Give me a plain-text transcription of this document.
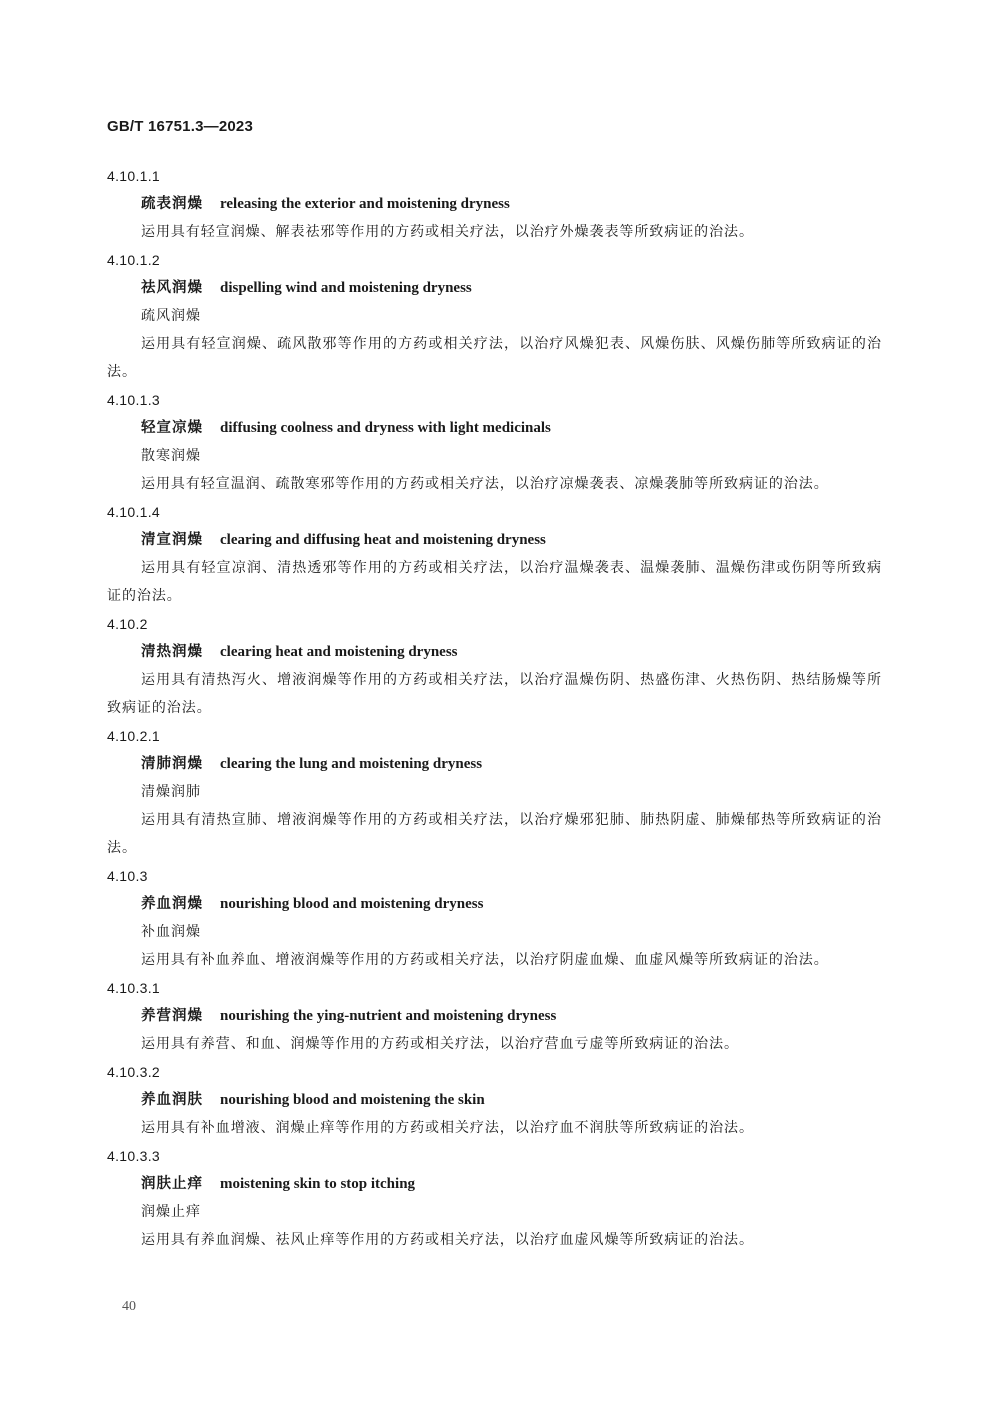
GB/T 16751.3—2023
4.10.1.1
疏表润燥 releasing the exterior and moistening dryness

运用具有轻宣润燥、解表祛邪等作用的方药或相关疗法，以治疗外燥袭表等所致病证的治法。

4.10.1.2
祛风润燥 dispelling wind and moistening dryness
疏风润燥

运用具有轻宣润燥、疏风散邪等作用的方药或相关疗法，以治疗风燥犯表、风燥伤肤、风燥伤肺等所致病证的治法。

4.10.1.3
轻宣凉燥 diffusing coolness and dryness with light medicinals
散寒润燥

运用具有轻宣温润、疏散寒邪等作用的方药或相关疗法，以治疗凉燥袭表、凉燥袭肺等所致病证的治法。

4.10.1.4
清宣润燥 clearing and diffusing heat and moistening dryness

运用具有轻宣凉润、清热透邪等作用的方药或相关疗法，以治疗温燥袭表、温燥袭肺、温燥伤津或伤阴等所致病证的治法。

4.10.2
清热润燥 clearing heat and moistening dryness

运用具有清热泻火、增液润燥等作用的方药或相关疗法，以治疗温燥伤阴、热盛伤津、火热伤阴、热结肠燥等所致病证的治法。

4.10.2.1
清肺润燥 clearing the lung and moistening dryness
清燥润肺

运用具有清热宣肺、增液润燥等作用的方药或相关疗法，以治疗燥邪犯肺、肺热阴虚、肺燥郁热等所致病证的治法。

4.10.3
养血润燥 nourishing blood and moistening dryness
补血润燥

运用具有补血养血、增液润燥等作用的方药或相关疗法，以治疗阴虚血燥、血虚风燥等所致病证的治法。

4.10.3.1
养营润燥 nourishing the ying-nutrient and moistening dryness

运用具有养营、和血、润燥等作用的方药或相关疗法，以治疗营血亏虚等所致病证的治法。

4.10.3.2
养血润肤 nourishing blood and moistening the skin

运用具有补血增液、润燥止痒等作用的方药或相关疗法，以治疗血不润肤等所致病证的治法。

4.10.3.3
润肤止痒 moistening skin to stop itching
润燥止痒

运用具有养血润燥、祛风止痒等作用的方药或相关疗法，以治疗血虚风燥等所致病证的治法。

40
